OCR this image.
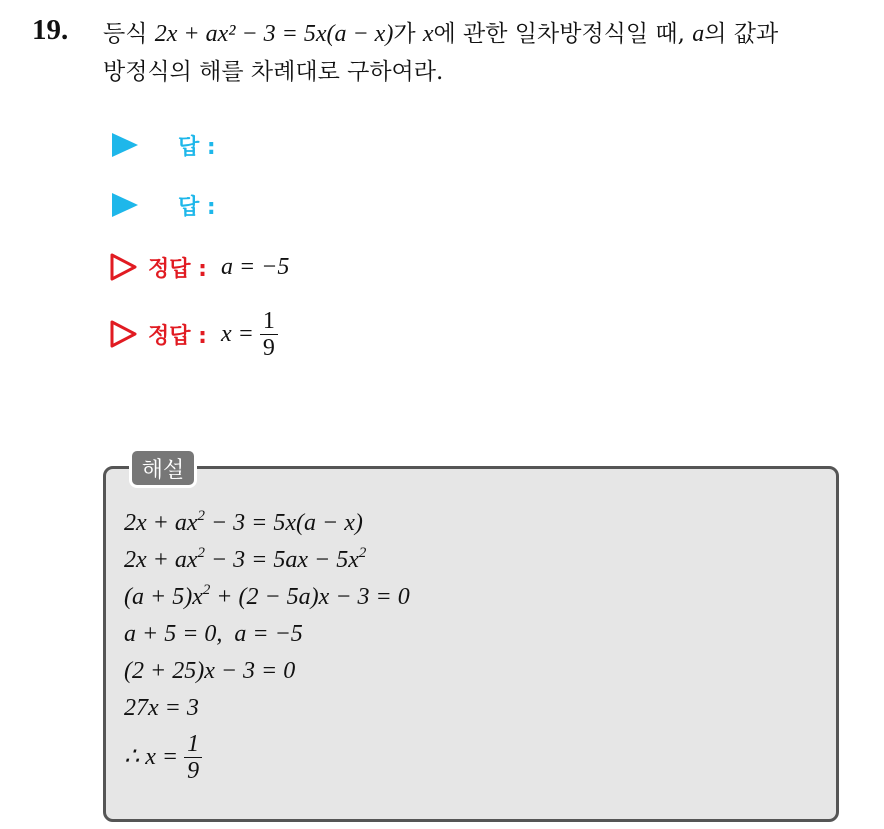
19. 등식 2x + ax² − 3 = 5x(a − x)가 x에 관한 일차방정식일 때, a의 값과
방정식의 해를 차례대로 구하여라.
답 :
답 :
정답 : a = −5
정답 : $x = \frac{1}{9}$
해설
$2x + ax^2 - 3 = 5x(a - x)$
$2x + ax^2 - 3 = 5ax - 5x^2$
$(a + 5)x^2 + (2 - 5a)x - 3 = 0$
a + 5 = 0,  a = −5
(2 + 25)x − 3 = 0
27x = 3
∴ $x = \frac{1}{9}$
